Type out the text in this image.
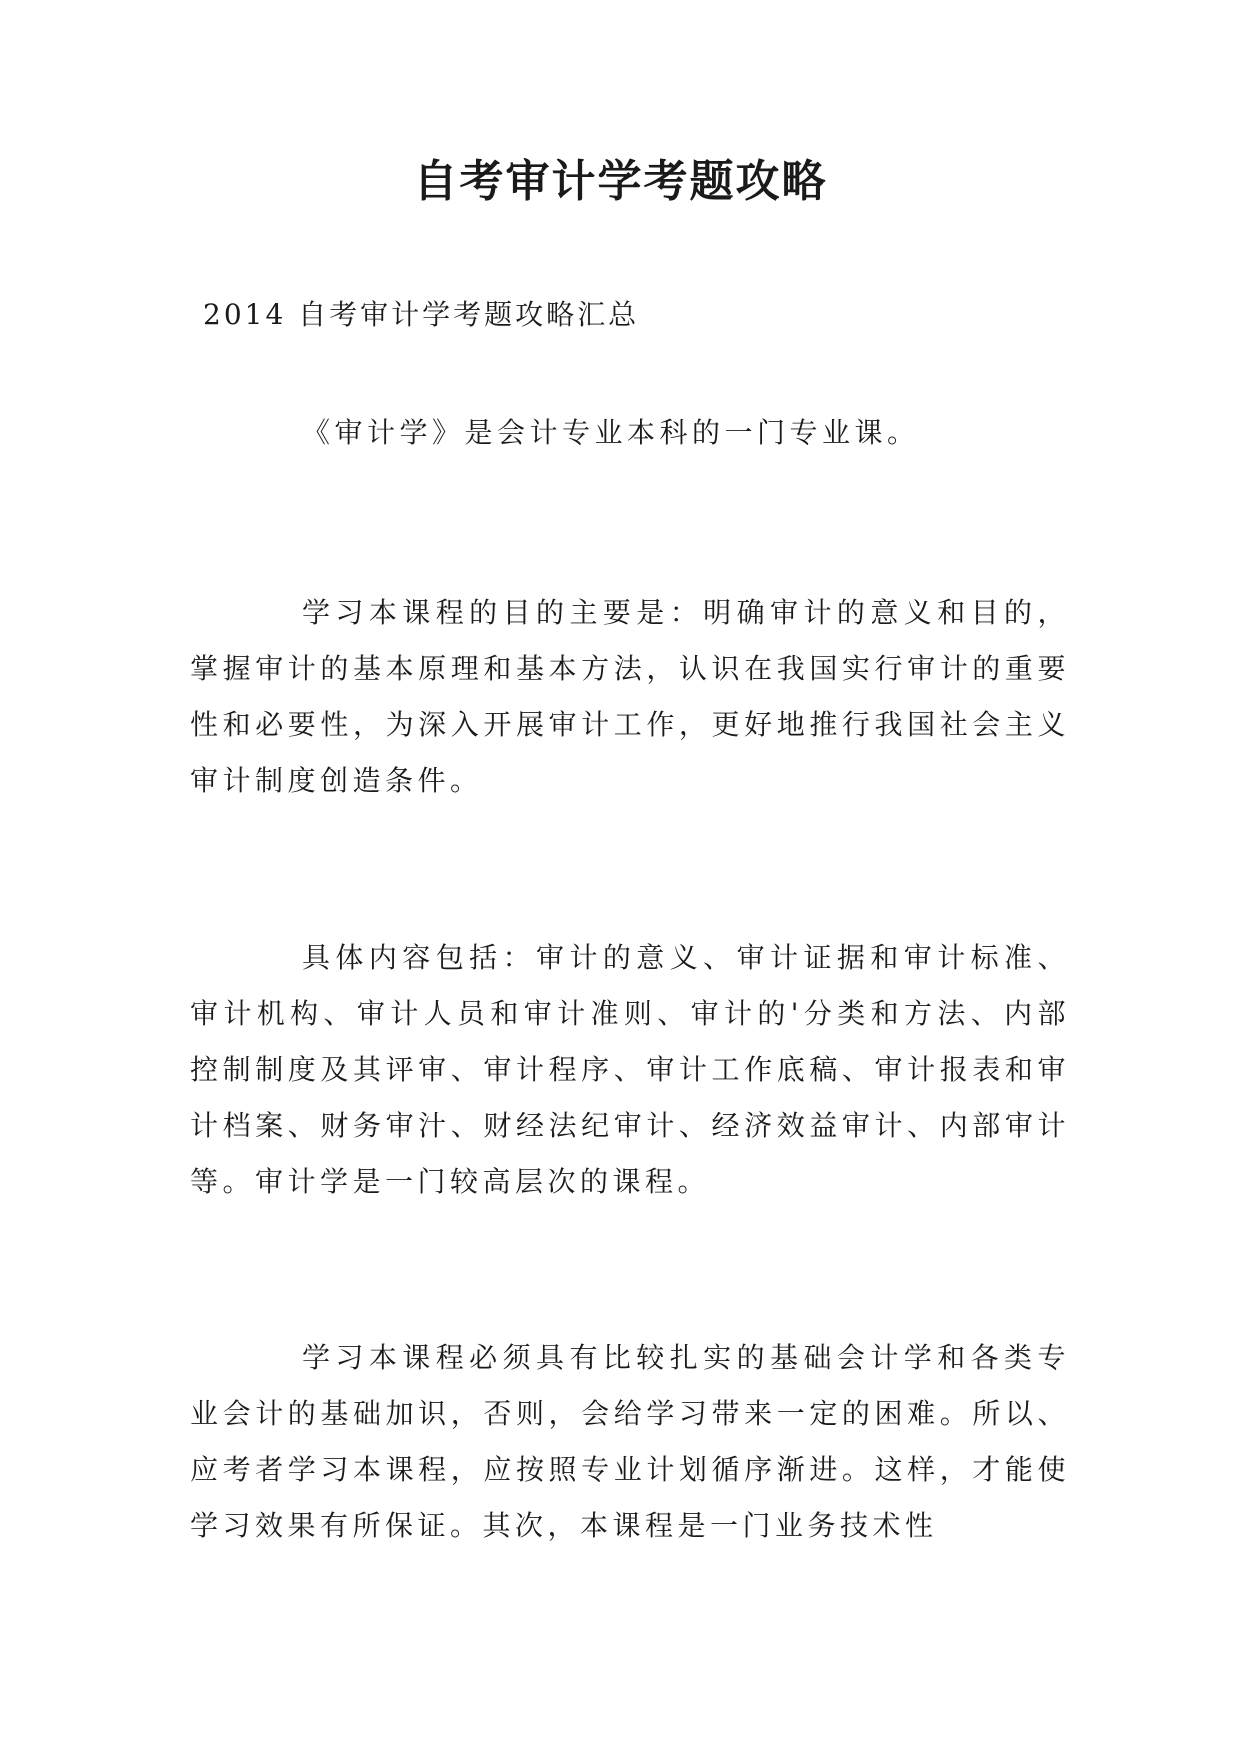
自考审计学考题攻略

2014 自考审计学考题攻略汇总

《审计学》是会计专业本科的一门专业课。

学习本课程的目的主要是：明确审计的意义和目的，掌握审计的基本原理和基本方法，认识在我国实行审计的重要性和必要性，为深入开展审计工作，更好地推行我国社会主义审计制度创造条件。

具体内容包括：审计的意义、审计证据和审计标准、审计机构、审计人员和审计准则、审计的'分类和方法、内部控制制度及其评审、审计程序、审计工作底稿、审计报表和审计档案、财务审汁、财经法纪审计、经济效益审计、内部审计等。审计学是一门较高层次的课程。

学习本课程必须具有比较扎实的基础会计学和各类专业会计的基础加识，否则，会给学习带来一定的困难。所以、应考者学习本课程，应按照专业计划循序渐进。这样，才能使学习效果有所保证。其次，本课程是一门业务技术性
